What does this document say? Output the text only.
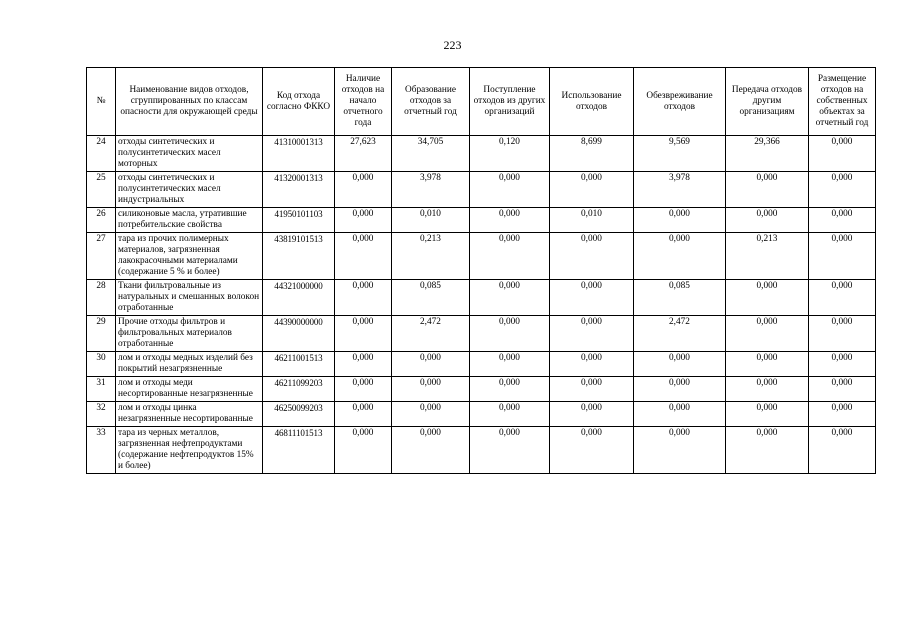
223
№	Наименование видов отходов, сгруппированных по классам опасности для окружающей среды	Код отхода согласно ФККО	Наличие отходов на начало отчетного года	Образование отходов за отчетный год	Поступление отходов из других организаций	Использование отходов	Обезвреживание отходов	Передача отходов другим организациям	Размещение отходов на собственных объектах за отчетный год
24	отходы синтетических и полусинтетических масел моторных	41310001313	27,623	34,705	0,120	8,699	9,569	29,366	0,000
25	отходы синтетических и полусинтетических масел индустриальных	41320001313	0,000	3,978	0,000	0,000	3,978	0,000	0,000
26	силиконовые масла, утратившие потребительские свойства	41950101103	0,000	0,010	0,000	0,010	0,000	0,000	0,000
27	тара из прочих полимерных материалов, загрязненная лакокрасочными материалами (содержание 5 % и более)	43819101513	0,000	0,213	0,000	0,000	0,000	0,213	0,000
28	Ткани фильтровальные из натуральных и смешанных волокон отработанные	44321000000	0,000	0,085	0,000	0,000	0,085	0,000	0,000
29	Прочие отходы фильтров и фильтровальных материалов отработанные	44390000000	0,000	2,472	0,000	0,000	2,472	0,000	0,000
30	лом и отходы медных изделий без покрытий незагрязненные	46211001513	0,000	0,000	0,000	0,000	0,000	0,000	0,000
31	лом и отходы меди несортированные незагрязненные	46211099203	0,000	0,000	0,000	0,000	0,000	0,000	0,000
32	лом и отходы цинка незагрязненные несортированные	46250099203	0,000	0,000	0,000	0,000	0,000	0,000	0,000
33	тара из черных металлов, загрязненная нефтепродуктами (содержание нефтепродуктов 15% и более)	46811101513	0,000	0,000	0,000	0,000	0,000	0,000	0,000
